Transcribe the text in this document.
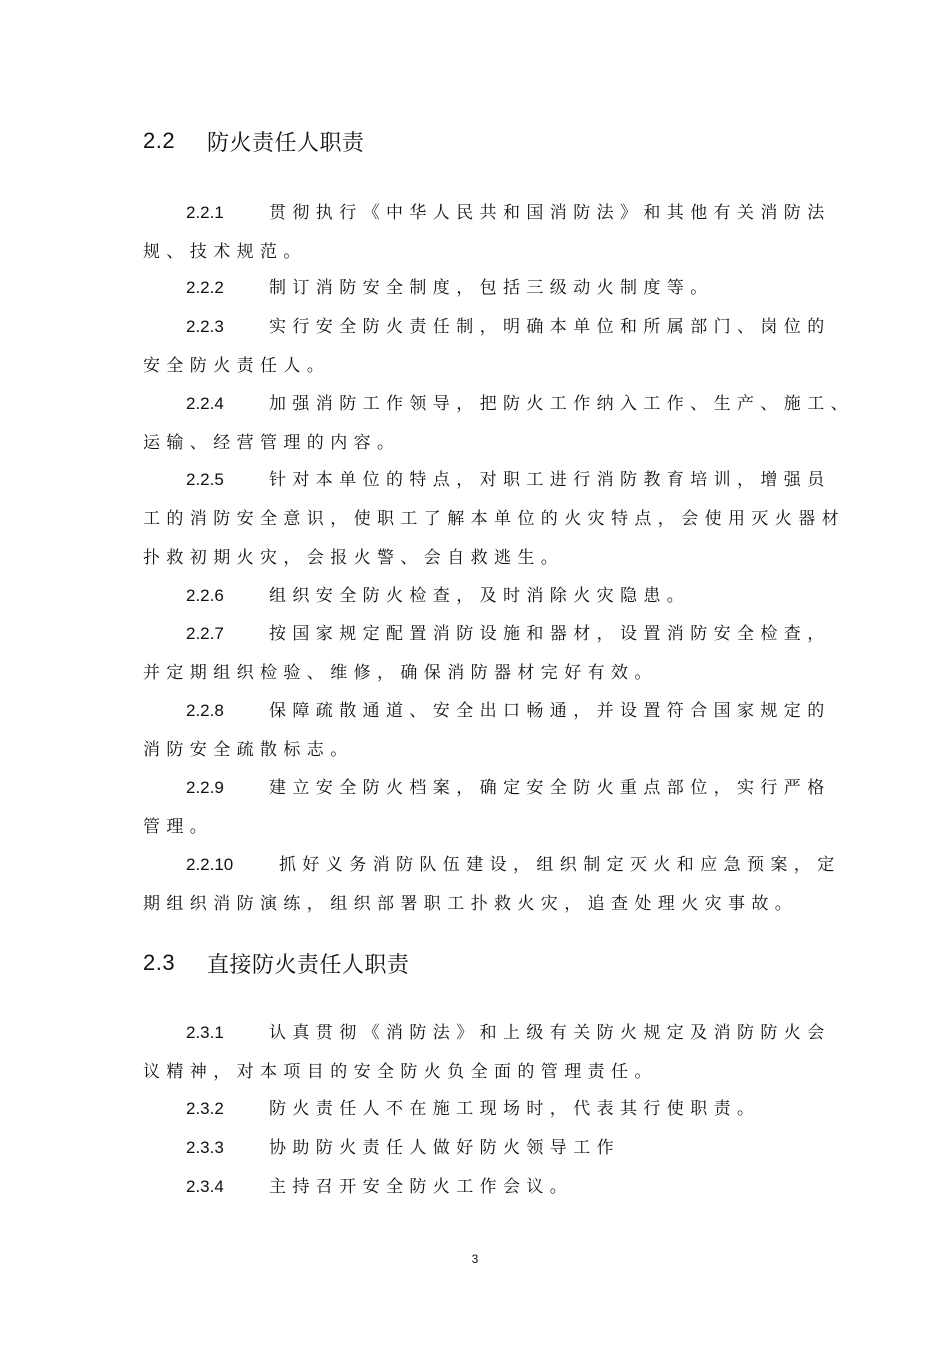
2.2	防火责任人职责
2.2.1	贯彻执行《中华人民共和国消防法》和其他有关消防法
规、技术规范。
2.2.2	制订消防安全制度，包括三级动火制度等。
2.2.3	实行安全防火责任制，明确本单位和所属部门、岗位的
安全防火责任人。
2.2.4	加强消防工作领导，把防火工作纳入工作、生产、施工、
运输、经营管理的内容。
2.2.5	针对本单位的特点，对职工进行消防教育培训，增强员
工的消防安全意识，使职工了解本单位的火灾特点，会使用灭火器材
扑救初期火灾，会报火警、会自救逃生。
2.2.6	组织安全防火检查，及时消除火灾隐患。
2.2.7	按国家规定配置消防设施和器材，设置消防安全检查，
并定期组织检验、维修，确保消防器材完好有效。
2.2.8	保障疏散通道、安全出口畅通，并设置符合国家规定的
消防安全疏散标志。
2.2.9	建立安全防火档案，确定安全防火重点部位，实行严格
管理。
2.2.10	抓好义务消防队伍建设，组织制定灭火和应急预案，定
期组织消防演练，组织部署职工扑救火灾，追查处理火灾事故。
2.3	直接防火责任人职责
2.3.1	认真贯彻《消防法》和上级有关防火规定及消防防火会
议精神，对本项目的安全防火负全面的管理责任。
2.3.2	防火责任人不在施工现场时，代表其行使职责。
2.3.3	协助防火责任人做好防火领导工作
2.3.4	主持召开安全防火工作会议。
3
